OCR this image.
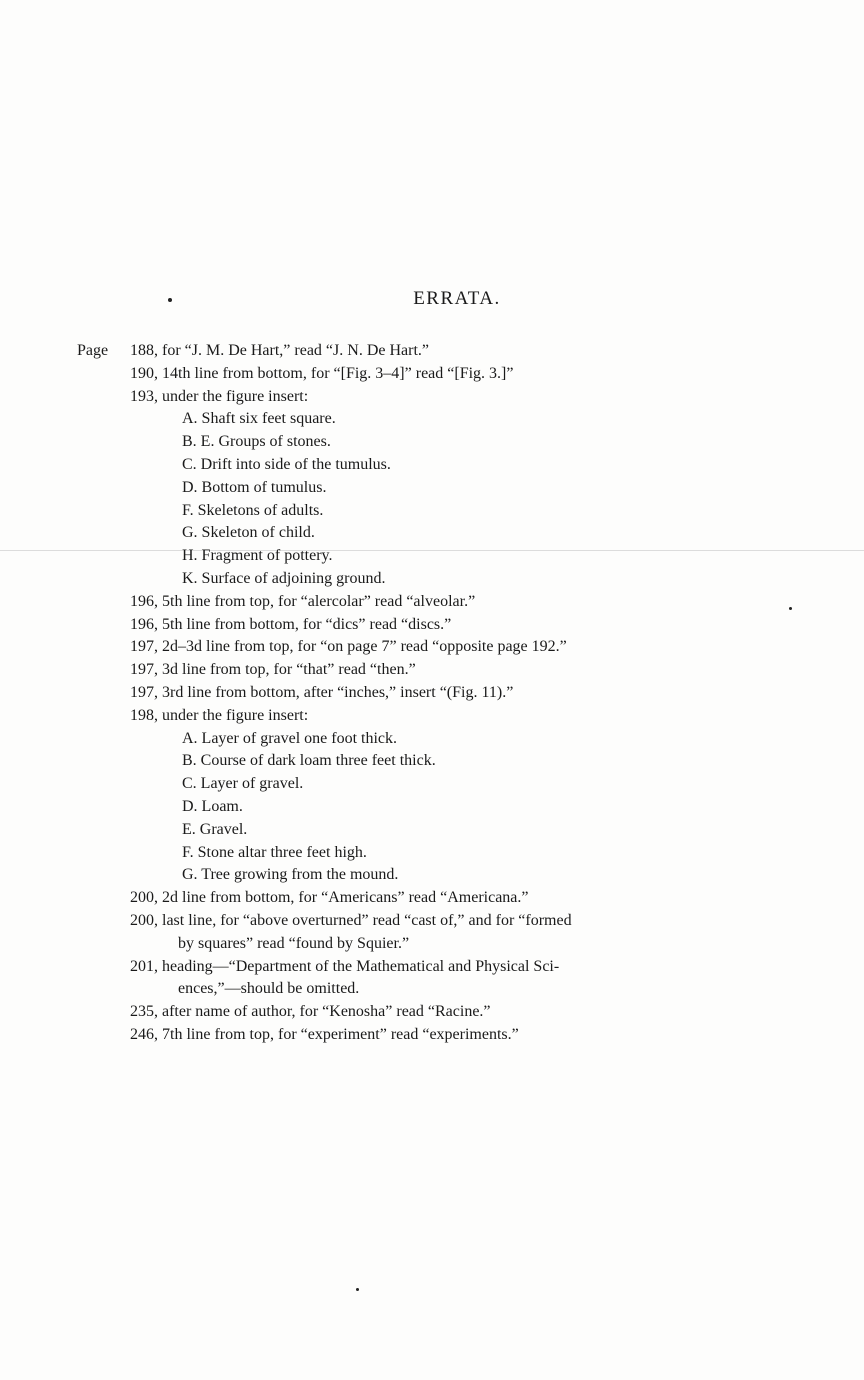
ERRATA.
Page	188, for “J. M. De Hart,” read “J. N. De Hart.”
190, 14th line from bottom, for “[Fig. 3–4]” read “[Fig. 3.]”
193, under the figure insert:
A. Shaft six feet square.
B. E. Groups of stones.
C. Drift into side of the tumulus.
D. Bottom of tumulus.
F. Skeletons of adults.
G. Skeleton of child.
H. Fragment of pottery.
K. Surface of adjoining ground.
196, 5th line from top, for “alercolar” read “alveolar.”
196, 5th line from bottom, for “dics” read “discs.”
197, 2d–3d line from top, for “on page 7” read “opposite page 192.”
197, 3d line from top, for “that” read “then.”
197, 3rd line from bottom, after “inches,” insert “(Fig. 11).”
198, under the figure insert:
A. Layer of gravel one foot thick.
B. Course of dark loam three feet thick.
C. Layer of gravel.
D. Loam.
E. Gravel.
F. Stone altar three feet high.
G. Tree growing from the mound.
200, 2d line from bottom, for “Americans” read “Americana.”
200, last line, for “above overturned” read “cast of,” and for “formed
by squares” read “found by Squier.”
201, heading—“Department of the Mathematical and Physical Sci-
ences,”—should be omitted.
235, after name of author, for “Kenosha” read “Racine.”
246, 7th line from top, for “experiment” read “experiments.”
